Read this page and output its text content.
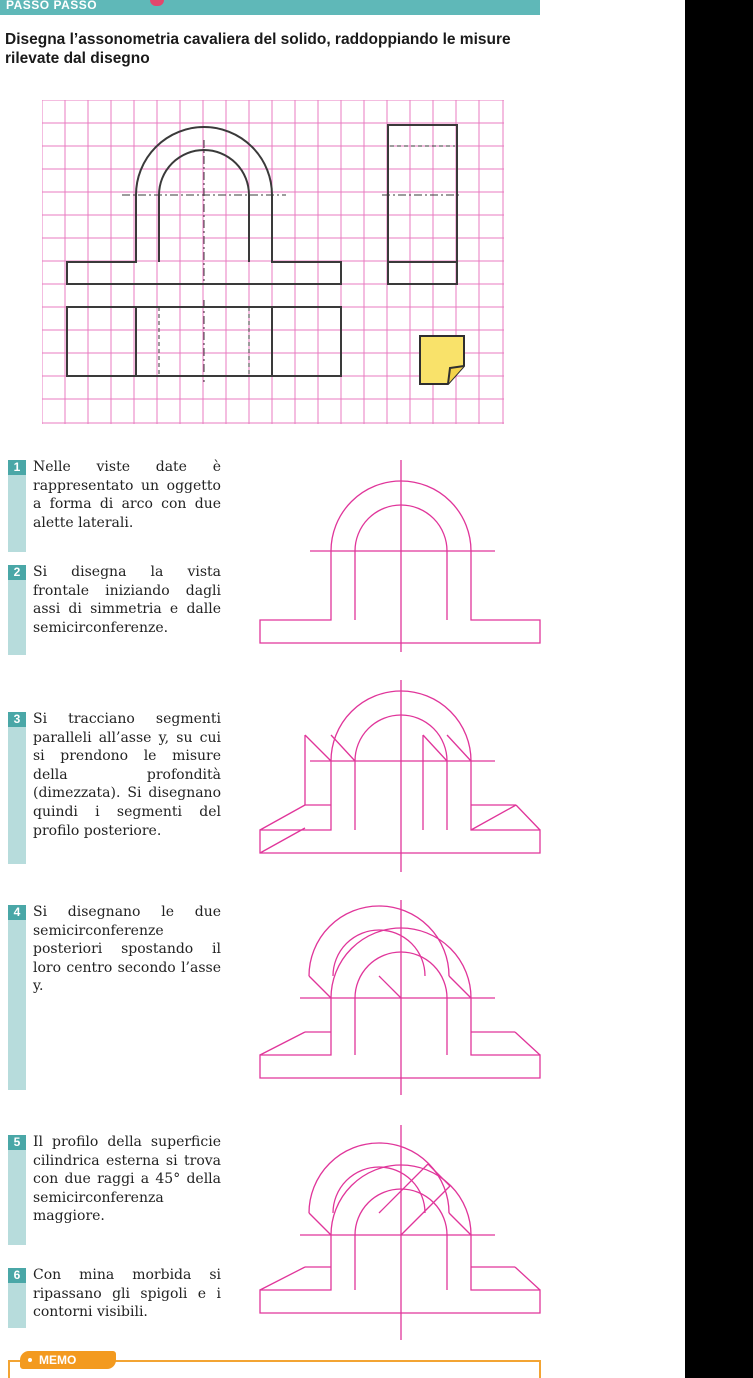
PASSO PASSO
Disegna l’assonometria cavaliera del solido, raddoppiando le misure rilevate dal disegno
1 Nelle viste date è rappresentato un oggetto a forma di arco con due alette laterali.
2 Si disegna la vista frontale iniziando dagli assi di simmetria e dalle semicirconferenze.
3 Si tracciano segmenti paralleli all’asse y, su cui si prendono le misure della profondità (dimezzata). Si disegnano quindi i segmenti del profilo posteriore.
4 Si disegnano le due semicirconferenze posteriori spostando il loro centro secondo l’asse y.
5 Il profilo della superficie cilindrica esterna si trova con due raggi a 45° della semicirconferenza maggiore.
6 Con mina morbida si ripassano gli spigoli e i contorni visibili.
MEMO
